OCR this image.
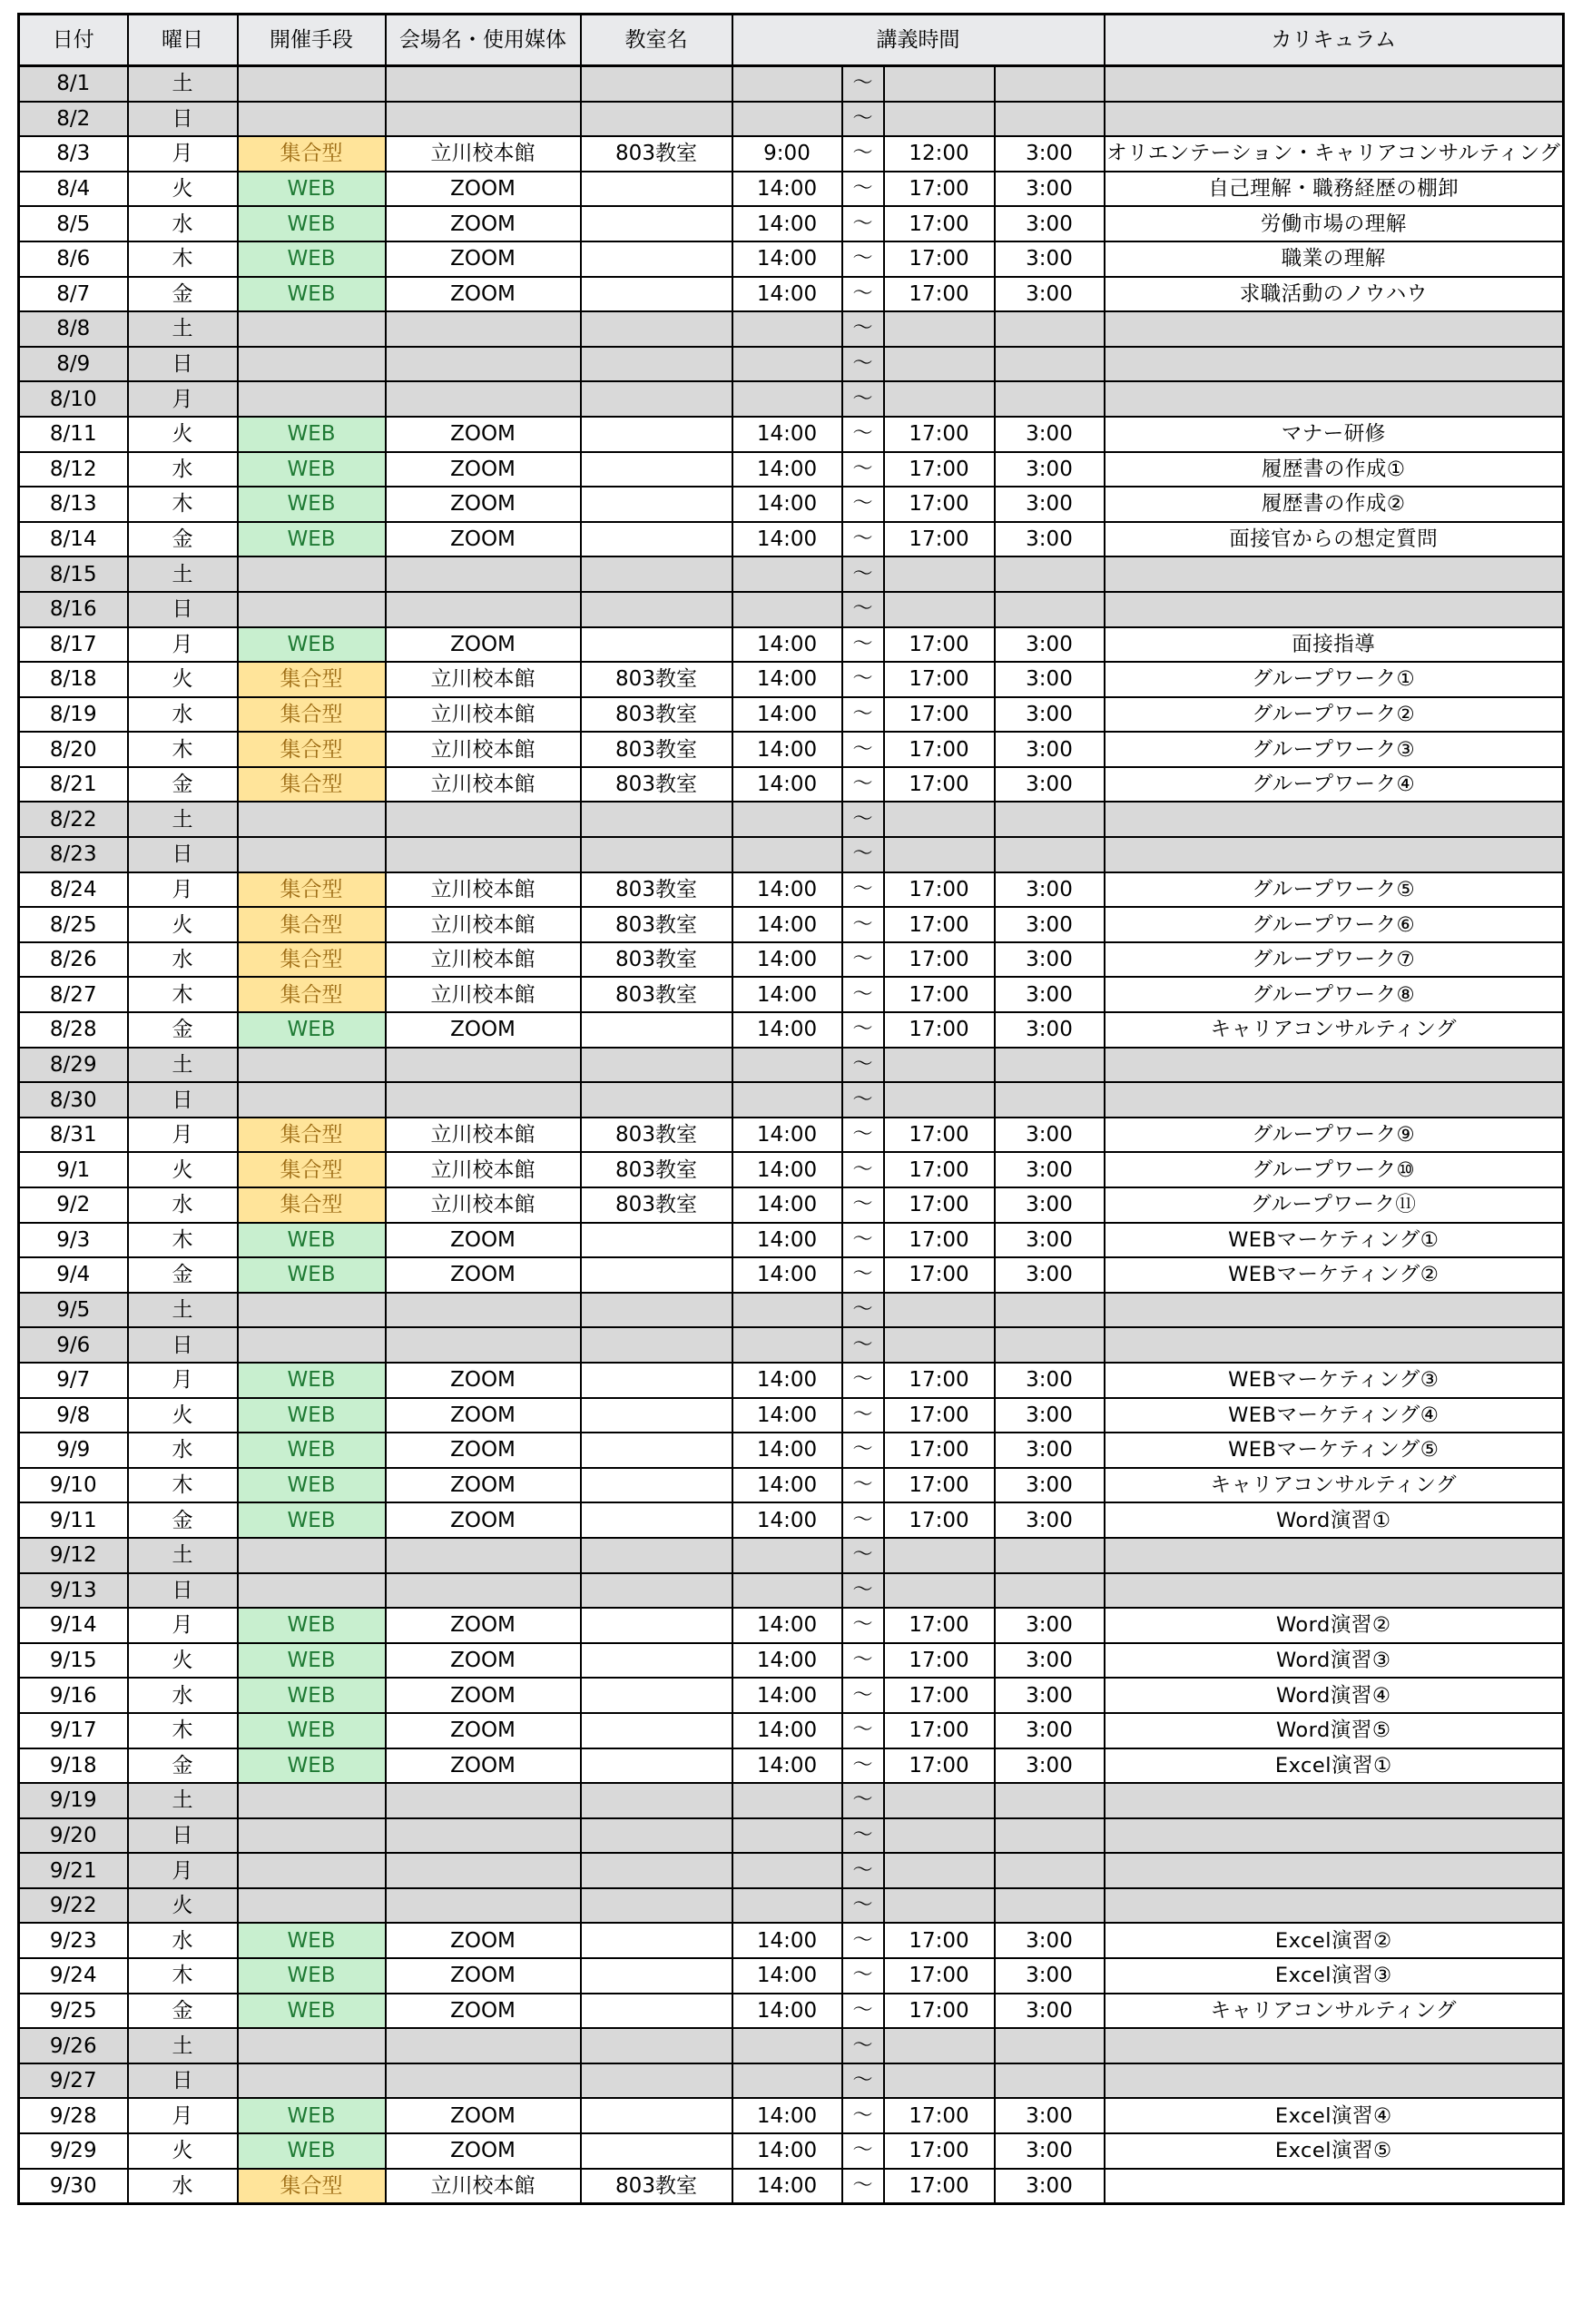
日付	曜日	開催手段	会場名・使用媒体	教室名	講義時間				カリキュラム
8/1	土					〜			
8/2	日					〜			
8/3	月	集合型	立川校本館	803教室	9:00	〜	12:00	3:00	オリエンテーション・キャリアコンサルティング
8/4	火	WEB	ZOOM		14:00	〜	17:00	3:00	自己理解・職務経歴の棚卸
8/5	水	WEB	ZOOM		14:00	〜	17:00	3:00	労働市場の理解
8/6	木	WEB	ZOOM		14:00	〜	17:00	3:00	職業の理解
8/7	金	WEB	ZOOM		14:00	〜	17:00	3:00	求職活動のノウハウ
8/8	土					〜			
8/9	日					〜			
8/10	月					〜			
8/11	火	WEB	ZOOM		14:00	〜	17:00	3:00	マナー研修
8/12	水	WEB	ZOOM		14:00	〜	17:00	3:00	履歴書の作成①
8/13	木	WEB	ZOOM		14:00	〜	17:00	3:00	履歴書の作成②
8/14	金	WEB	ZOOM		14:00	〜	17:00	3:00	面接官からの想定質問
8/15	土					〜			
8/16	日					〜			
8/17	月	WEB	ZOOM		14:00	〜	17:00	3:00	面接指導
8/18	火	集合型	立川校本館	803教室	14:00	〜	17:00	3:00	グループワーク①
8/19	水	集合型	立川校本館	803教室	14:00	〜	17:00	3:00	グループワーク②
8/20	木	集合型	立川校本館	803教室	14:00	〜	17:00	3:00	グループワーク③
8/21	金	集合型	立川校本館	803教室	14:00	〜	17:00	3:00	グループワーク④
8/22	土					〜			
8/23	日					〜			
8/24	月	集合型	立川校本館	803教室	14:00	〜	17:00	3:00	グループワーク⑤
8/25	火	集合型	立川校本館	803教室	14:00	〜	17:00	3:00	グループワーク⑥
8/26	水	集合型	立川校本館	803教室	14:00	〜	17:00	3:00	グループワーク⑦
8/27	木	集合型	立川校本館	803教室	14:00	〜	17:00	3:00	グループワーク⑧
8/28	金	WEB	ZOOM		14:00	〜	17:00	3:00	キャリアコンサルティング
8/29	土					〜			
8/30	日					〜			
8/31	月	集合型	立川校本館	803教室	14:00	〜	17:00	3:00	グループワーク⑨
9/1	火	集合型	立川校本館	803教室	14:00	〜	17:00	3:00	グループワーク⑩
9/2	水	集合型	立川校本館	803教室	14:00	〜	17:00	3:00	グループワーク⑪
9/3	木	WEB	ZOOM		14:00	〜	17:00	3:00	WEBマーケティング①
9/4	金	WEB	ZOOM		14:00	〜	17:00	3:00	WEBマーケティング②
9/5	土					〜			
9/6	日					〜			
9/7	月	WEB	ZOOM		14:00	〜	17:00	3:00	WEBマーケティング③
9/8	火	WEB	ZOOM		14:00	〜	17:00	3:00	WEBマーケティング④
9/9	水	WEB	ZOOM		14:00	〜	17:00	3:00	WEBマーケティング⑤
9/10	木	WEB	ZOOM		14:00	〜	17:00	3:00	キャリアコンサルティング
9/11	金	WEB	ZOOM		14:00	〜	17:00	3:00	Word演習①
9/12	土					〜			
9/13	日					〜			
9/14	月	WEB	ZOOM		14:00	〜	17:00	3:00	Word演習②
9/15	火	WEB	ZOOM		14:00	〜	17:00	3:00	Word演習③
9/16	水	WEB	ZOOM		14:00	〜	17:00	3:00	Word演習④
9/17	木	WEB	ZOOM		14:00	〜	17:00	3:00	Word演習⑤
9/18	金	WEB	ZOOM		14:00	〜	17:00	3:00	Excel演習①
9/19	土					〜			
9/20	日					〜			
9/21	月					〜			
9/22	火					〜			
9/23	水	WEB	ZOOM		14:00	〜	17:00	3:00	Excel演習②
9/24	木	WEB	ZOOM		14:00	〜	17:00	3:00	Excel演習③
9/25	金	WEB	ZOOM		14:00	〜	17:00	3:00	キャリアコンサルティング
9/26	土					〜			
9/27	日					〜			
9/28	月	WEB	ZOOM		14:00	〜	17:00	3:00	Excel演習④
9/29	火	WEB	ZOOM		14:00	〜	17:00	3:00	Excel演習⑤
9/30	水	集合型	立川校本館	803教室	14:00	〜	17:00	3:00	
